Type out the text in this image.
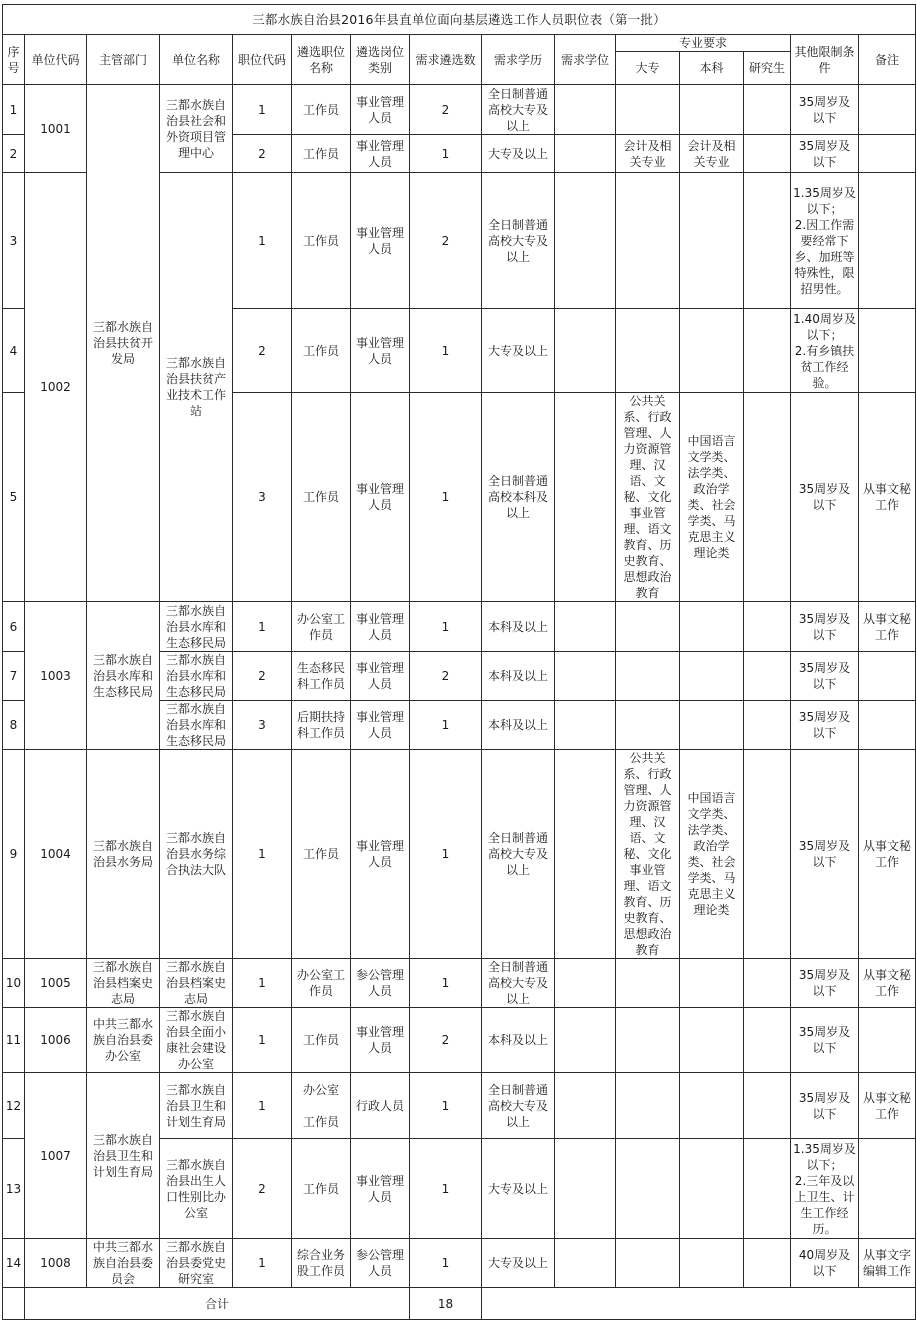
三都水族自治县2016年县直单位面向基层遴选工作人员职位表（第一批）														
序号	单位代码	主管部门	单位名称	职位代码	遴选职位名称	遴选岗位类别	需求遴选数	需求学历	需求学位	专业要求			其他限制条件	备注
										大专	本科	研究生		
1	1001	三都水族自治县扶贫开发局	三都水族自治县社会和外资项目管理中心	1	工作员	事业管理人员	2	全日制普通高校大专及以上					35周岁及以下	
2				2	工作员	事业管理人员	1	大专及以上		会计及相关专业	会计及相关专业		35周岁及以下	
3	1002		三都水族自治县扶贫产业技术工作站	1	工作员	事业管理人员	2	全日制普通高校大专及以上					1.35周岁及以下；
2.因工作需要经常下乡、加班等特殊性，限招男性。	

4				2	工作员	事业管理人员	1	大专及以上					1.40周岁及以下；
2.有乡镇扶贫工作经验。	

5				3	工作员	事业管理人员	1	全日制普通高校本科及以上		公共关系、行政管理、人力资源管理、汉语、文秘、文化事业管理、语文教育、历史教育、思想政治教育	中国语言文学类、法学类、政治学类、社会学类、马克思主义理论类		35周岁及以下	从事文秘工作
6	1003	三都水族自治县水库和生态移民局	三都水族自治县水库和生态移民局	1	办公室工作员	事业管理人员	1	本科及以上					35周岁及以下	从事文秘工作
7			三都水族自治县水库和生态移民局	2	生态移民科工作员	事业管理人员	2	本科及以上					35周岁及以下	
8			三都水族自治县水库和生态移民局	3	后期扶持科工作员	事业管理人员	1	本科及以上					35周岁及以下	
9	1004	三都水族自治县水务局	三都水族自治县水务综合执法大队	1	工作员	事业管理人员	1	全日制普通高校大专及以上		公共关系、行政管理、人力资源管理、汉语、文秘、文化事业管理、语文教育、历史教育、思想政治教育	中国语言文学类、法学类、政治学类、社会学类、马克思主义理论类		35周岁及以下	从事文秘工作
10	1005	三都水族自治县档案史志局	三都水族自治县档案史志局	1	办公室工作员	参公管理人员	1	全日制普通高校大专及以上					35周岁及以下	从事文秘工作
11	1006	中共三都水族自治县委办公室	三都水族自治县全面小康社会建设办公室	1	工作员	事业管理人员	2	本科及以上					35周岁及以下	
12	1007	三都水族自治县卫生和计划生育局	三都水族自治县卫生和计划生育局	1	办公室
工作员	行政人员	1	全日制普通高校大专及以上					35周岁及以下	从事文秘工作
13			三都水族自治县出生人口性别比办公室	2	工作员	事业管理人员	1	大专及以上					1.35周岁及以下；
2.三年及以上卫生、计生工作经历。	

14	1008	中共三都水族自治县委员会	三都水族自治县委党史研究室	1	综合业务股工作员	参公管理人员	1	大专及以上					40周岁及以下	从事文字编辑工作
	合计						18							
